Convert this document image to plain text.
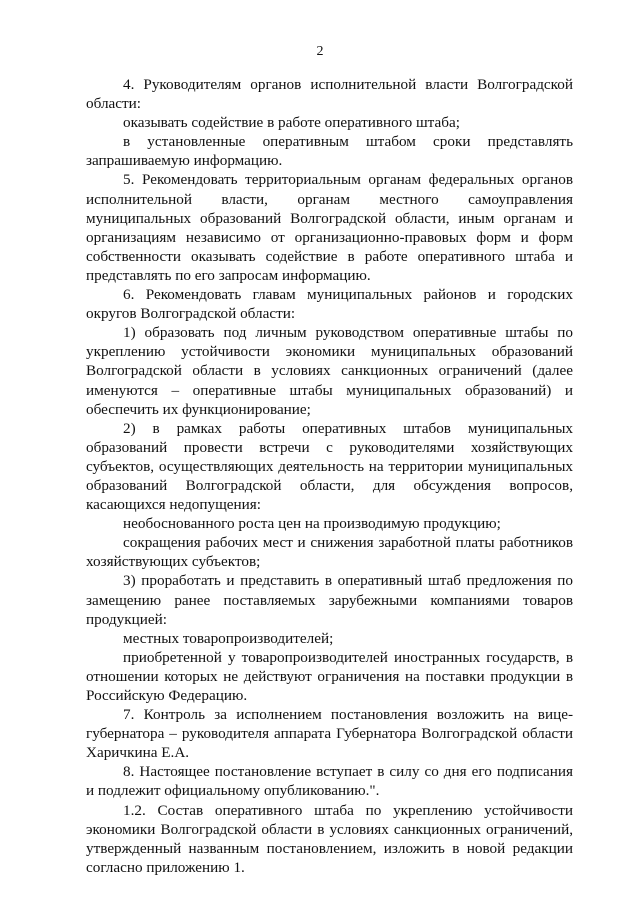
2

4. Руководителям органов исполнительной власти Волгоградской области:

оказывать содействие в работе оперативного штаба;

в установленные оперативным штабом сроки представлять запрашиваемую информацию.

5. Рекомендовать территориальным органам федеральных органов исполнительной власти, органам местного самоуправления муниципальных образований Волгоградской области, иным органам и организациям независимо от организационно-правовых форм и форм собственности оказывать содействие в работе оперативного штаба и представлять по его запросам информацию.

6. Рекомендовать главам муниципальных районов и городских округов Волгоградской области:

1) образовать под личным руководством оперативные штабы по укреплению устойчивости экономики муниципальных образований Волгоградской области в условиях санкционных ограничений (далее именуются – оперативные штабы муниципальных образований) и обеспечить их функционирование;

2) в рамках работы оперативных штабов муниципальных образований провести встречи с руководителями хозяйствующих субъектов, осуществляющих деятельность на территории муниципальных образований Волгоградской области, для обсуждения вопросов, касающихся недопущения:

необоснованного роста цен на производимую продукцию;

сокращения рабочих мест и снижения заработной платы работников хозяйствующих субъектов;

3) проработать и представить в оперативный штаб предложения по замещению ранее поставляемых зарубежными компаниями товаров продукцией:

местных товаропроизводителей;

приобретенной у товаропроизводителей иностранных государств, в отношении которых не действуют ограничения на поставки продукции в Российскую Федерацию.

7. Контроль за исполнением постановления возложить на вице-губернатора – руководителя аппарата Губернатора Волгоградской области Харичкина Е.А.

8. Настоящее постановление вступает в силу со дня его подписания и подлежит официальному опубликованию.".

1.2. Состав оперативного штаба по укреплению устойчивости экономики Волгоградской области в условиях санкционных ограничений, утвержденный названным постановлением, изложить в новой редакции согласно приложению 1.
